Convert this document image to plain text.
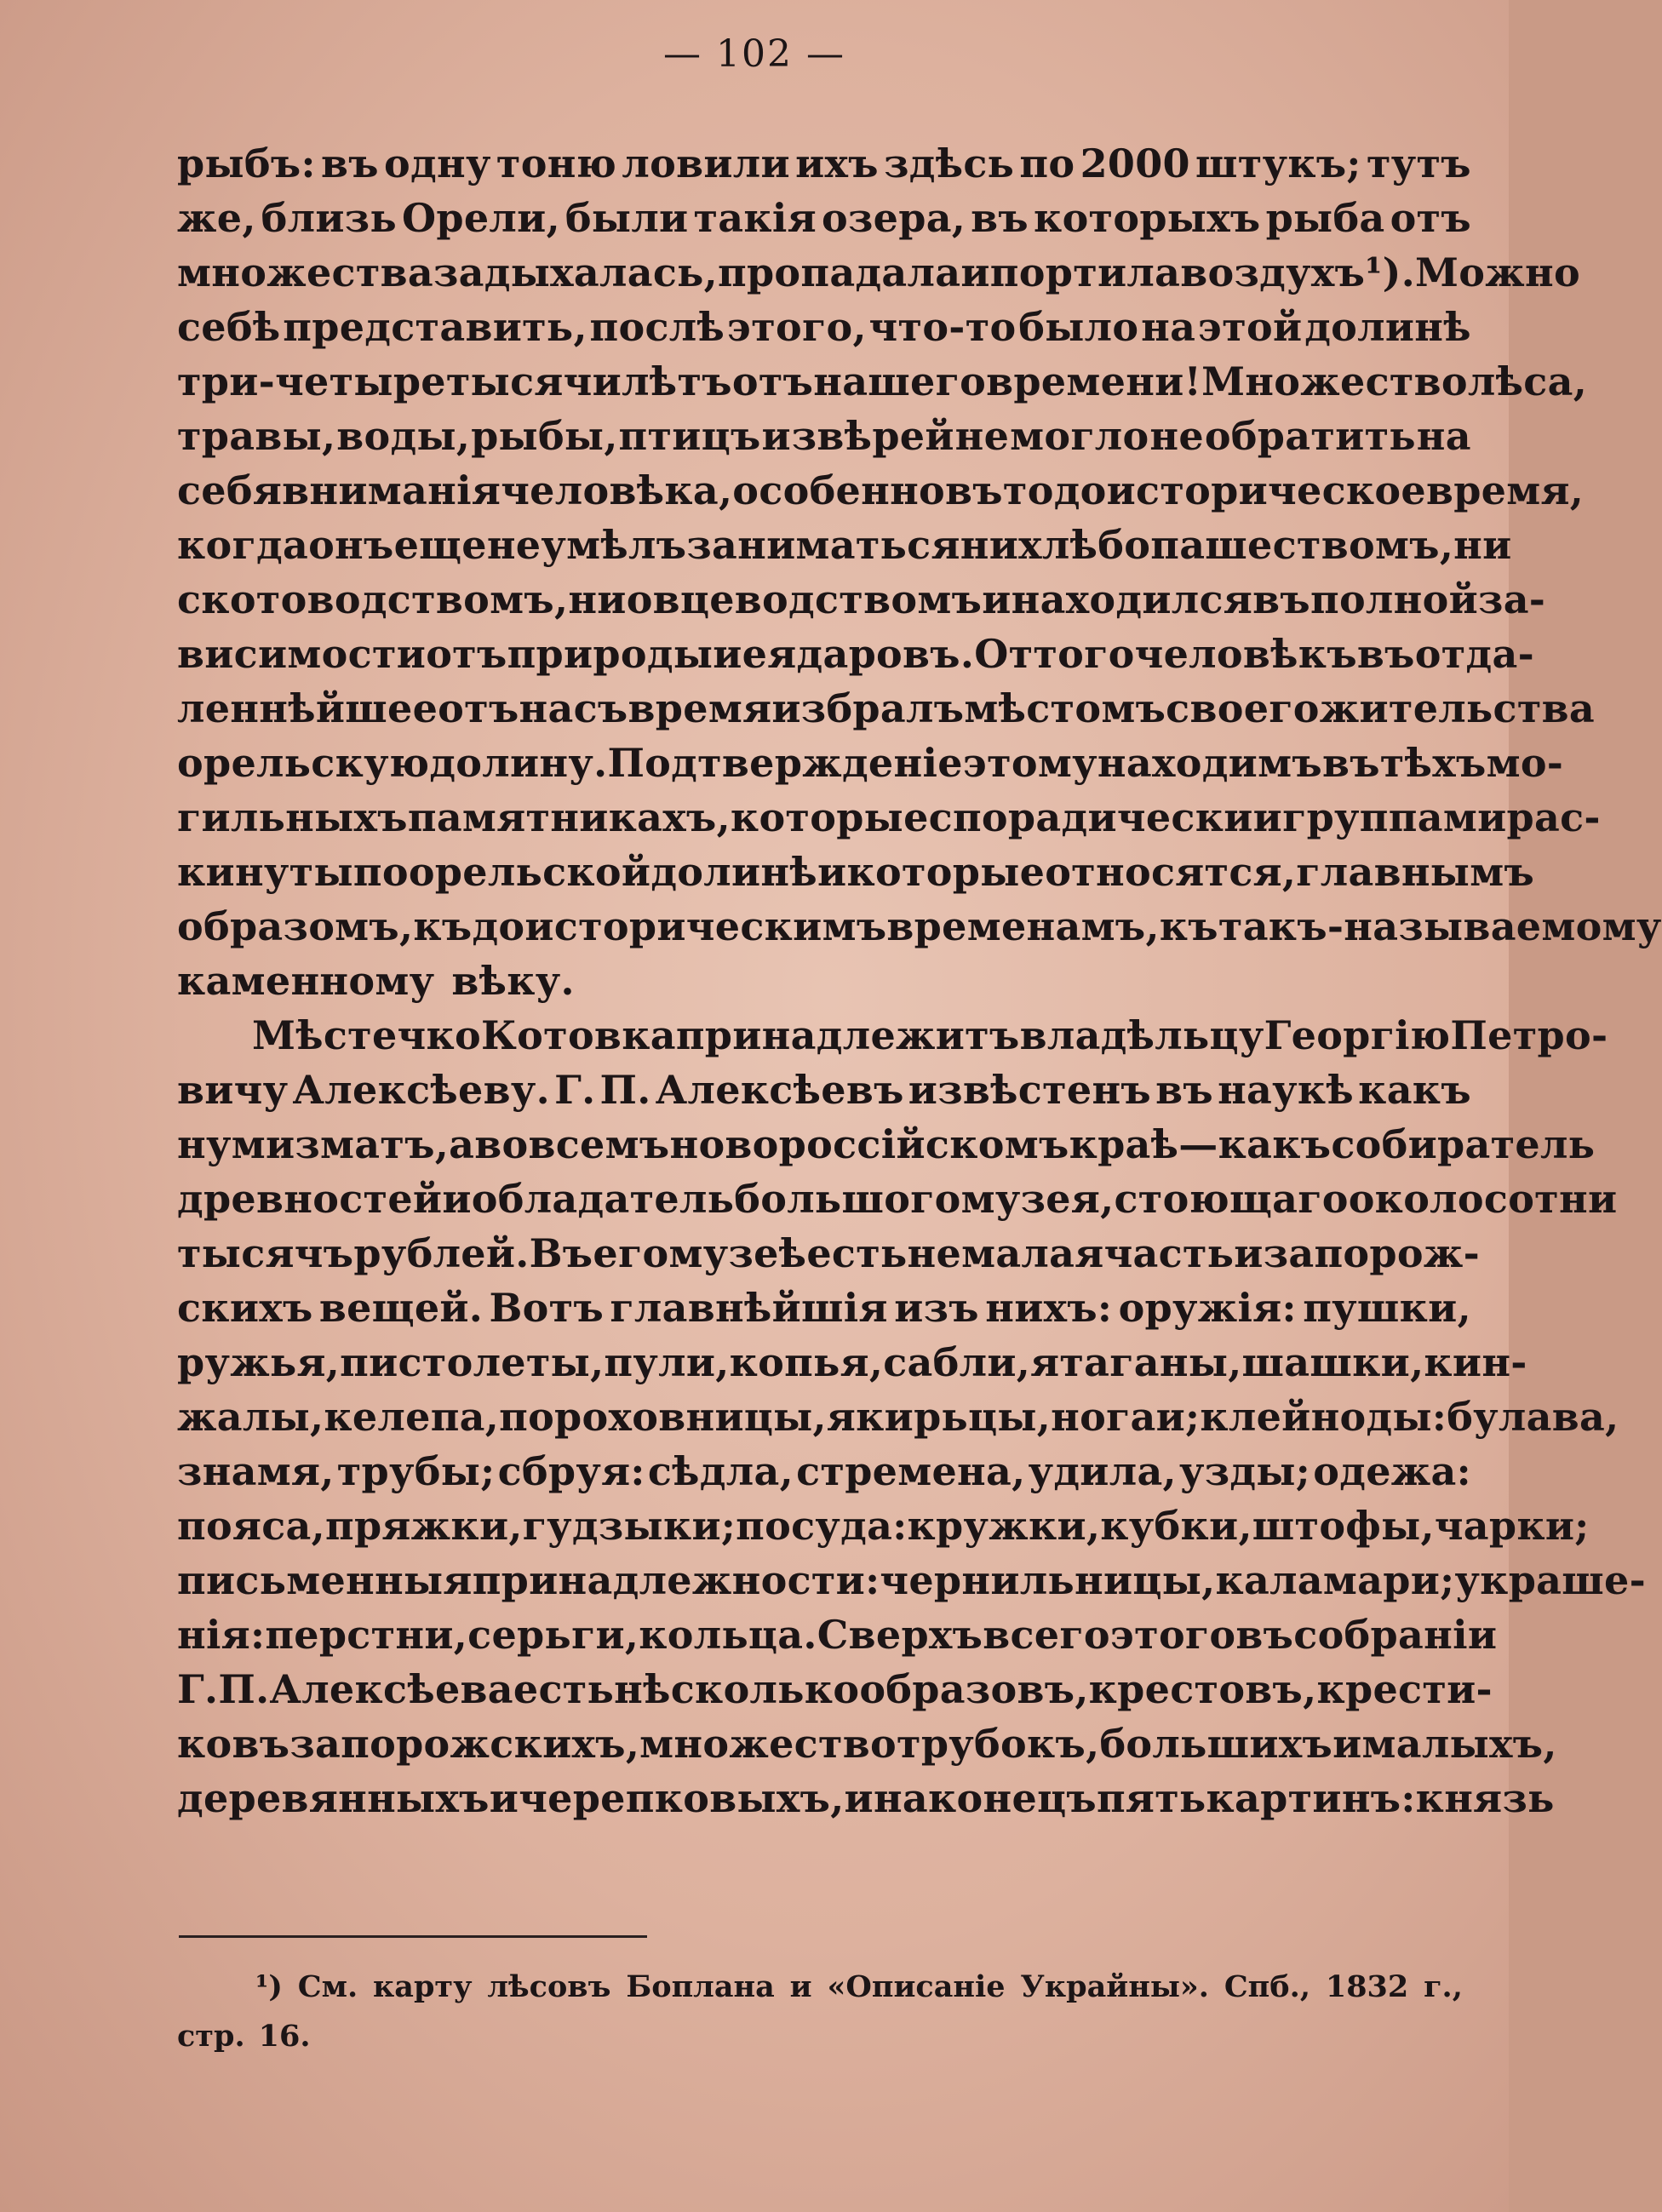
— 102 —
рыбъ: въ одну тоню ловили ихъ здѣсь по 2000 штукъ; тутъ
же, близь Орели, были такія озера, въ которыхъ рыба отъ
множества задыхалась, пропадала и портила воздухъ ¹). Можно
себѣ представить, послѣ этого, что-то было на этой долинѣ
три-четыре тысячи лѣтъ отъ нашего времени! Множество лѣса,
травы, воды, рыбы, птицъ и звѣрей не могло не обратить на
себя вниманія человѣка, особенно въ то доисторическое время,
когда онъ еще не умѣлъ заниматься ни хлѣбопашествомъ, ни
скотоводствомъ, ни овцеводствомъ и находился въ полной за-
висимости отъ природы и ея даровъ. Оттого человѣкъ въ отда-
леннѣйшее отъ насъ время избралъ мѣстомъ своего жительства
орельскую долину. Подтвержденіе этому находимъ въ тѣхъ мо-
гильныхъ памятникахъ, которые спорадически и группами рас-
кинуты по орельской долинѣ и которые относятся, главнымъ
образомъ, къ доисторическимъ временамъ, къ такъ-называемому
каменному вѣку.
Мѣстечко Котовка принадлежитъ владѣльцу Георгію Петро-
вичу Алексѣеву. Г. П. Алексѣевъ извѣстенъ въ наукѣ какъ
нумизматъ, а во всемъ новороссійскомъ краѣ—какъ собиратель
древностей и обладатель большого музея, стоющаго около сотни
тысячъ рублей. Въ его музеѣ есть не малая часть и запорож-
скихъ вещей. Вотъ главнѣйшія изъ нихъ: оружія: пушки,
ружья, пистолеты, пули, копья, сабли, ятаганы, шашки, кин-
жалы, келепа, пороховницы, якирьцы, ногаи; клейноды: булава,
знамя, трубы; сбруя: сѣдла, стремена, удила, узды; одежа:
пояса, пряжки, гудзыки; посуда: кружки, кубки, штофы, чарки;
письменныя принадлежности: чернильницы, каламари; украше-
нія: перстни, серьги, кольца. Сверхъ всего этого въ собраніи
Г. П. Алексѣева есть нѣсколько образовъ, крестовъ, крести-
ковъ запорожскихъ, множество трубокъ, большихъ и малыхъ,
деревянныхъ и черепковыхъ, и наконецъ пять картинъ: князь
¹) См. карту лѣсовъ Боплана и «Описаніе Украйны». Спб., 1832 г.,
стр. 16.
